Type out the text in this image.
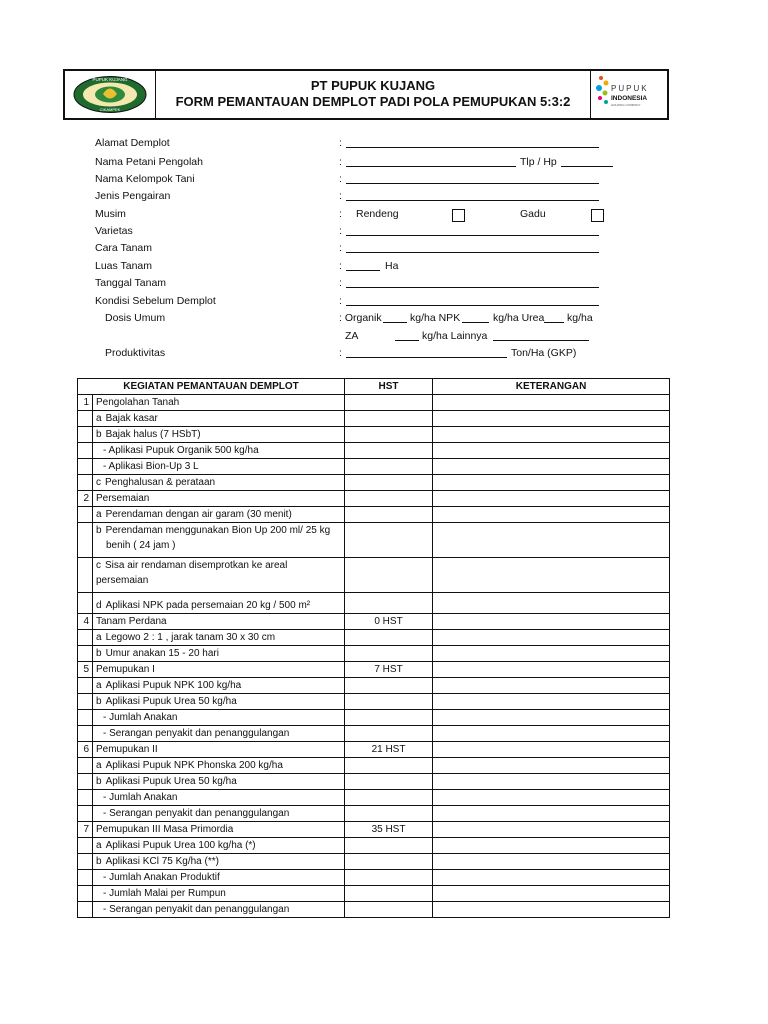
PUPUK KUJANG
CIKAMPEK
PT PUPUK KUJANG
FORM PEMANTAUAN DEMPLOT PADI POLA PEMUPUKAN 5:3:2
PUPUK
INDONESIA
HOLDING COMPANY
Alamat Demplot	:
Nama Petani Pengolah	:	Tlp / Hp
Nama Kelompok Tani	:
Jenis Pengairan	:
Musim	: Rendeng	Gadu
Varietas	:
Cara Tanam	:
Luas Tanam	:	Ha
Tanggal Tanam	:
Kondisi Sebelum Demplot	:
Dosis Umum	: Organik	kg/ha NPK	kg/ha Urea kg/ha
ZA	kg/ha Lainnya
Produktivitas	:	Ton/Ha (GKP)
KEGIATAN PEMANTAUAN DEMPLOT		HST	KETERANGAN
1	Pengolahan Tanah		
	a Bajak kasar		
	b Bajak halus (7 HSbT)		
	- Aplikasi Pupuk Organik 500 kg/ha		
	- Aplikasi Bion-Up 3 L		
	c Penghalusan & perataan		
2	Persemaian		
	a Perendaman dengan air garam (30 menit)		
	b Perendaman menggunakan Bion Up 200 ml/ 25 kg
benih ( 24 jam )		

	c Sisa air rendaman disemprotkan ke areal persemaian

	d Aplikasi NPK pada persemaian 20 kg / 500 m²		
4	Tanam Perdana	0 HST	
	a Legowo 2 : 1 , jarak tanam 30 x 30 cm		
	b Umur anakan 15 - 20 hari		
5	Pemupukan I	7 HST	
	a Aplikasi Pupuk NPK 100 kg/ha		
	b Aplikasi Pupuk Urea 50 kg/ha		
	- Jumlah Anakan		
	- Serangan penyakit dan penanggulangan		
6	Pemupukan II	21 HST	
	a Aplikasi Pupuk NPK Phonska 200 kg/ha		
	b Aplikasi Pupuk Urea 50 kg/ha		
	- Jumlah Anakan		
	- Serangan penyakit dan penanggulangan		
7	Pemupukan III Masa Primordia	35 HST	
	a Aplikasi Pupuk Urea 100 kg/ha (*)		
	b Aplikasi KCl 75 Kg/ha (**)		
	- Jumlah Anakan Produktif		
	- Jumlah Malai per Rumpun		
	- Serangan penyakit dan penanggulangan		
